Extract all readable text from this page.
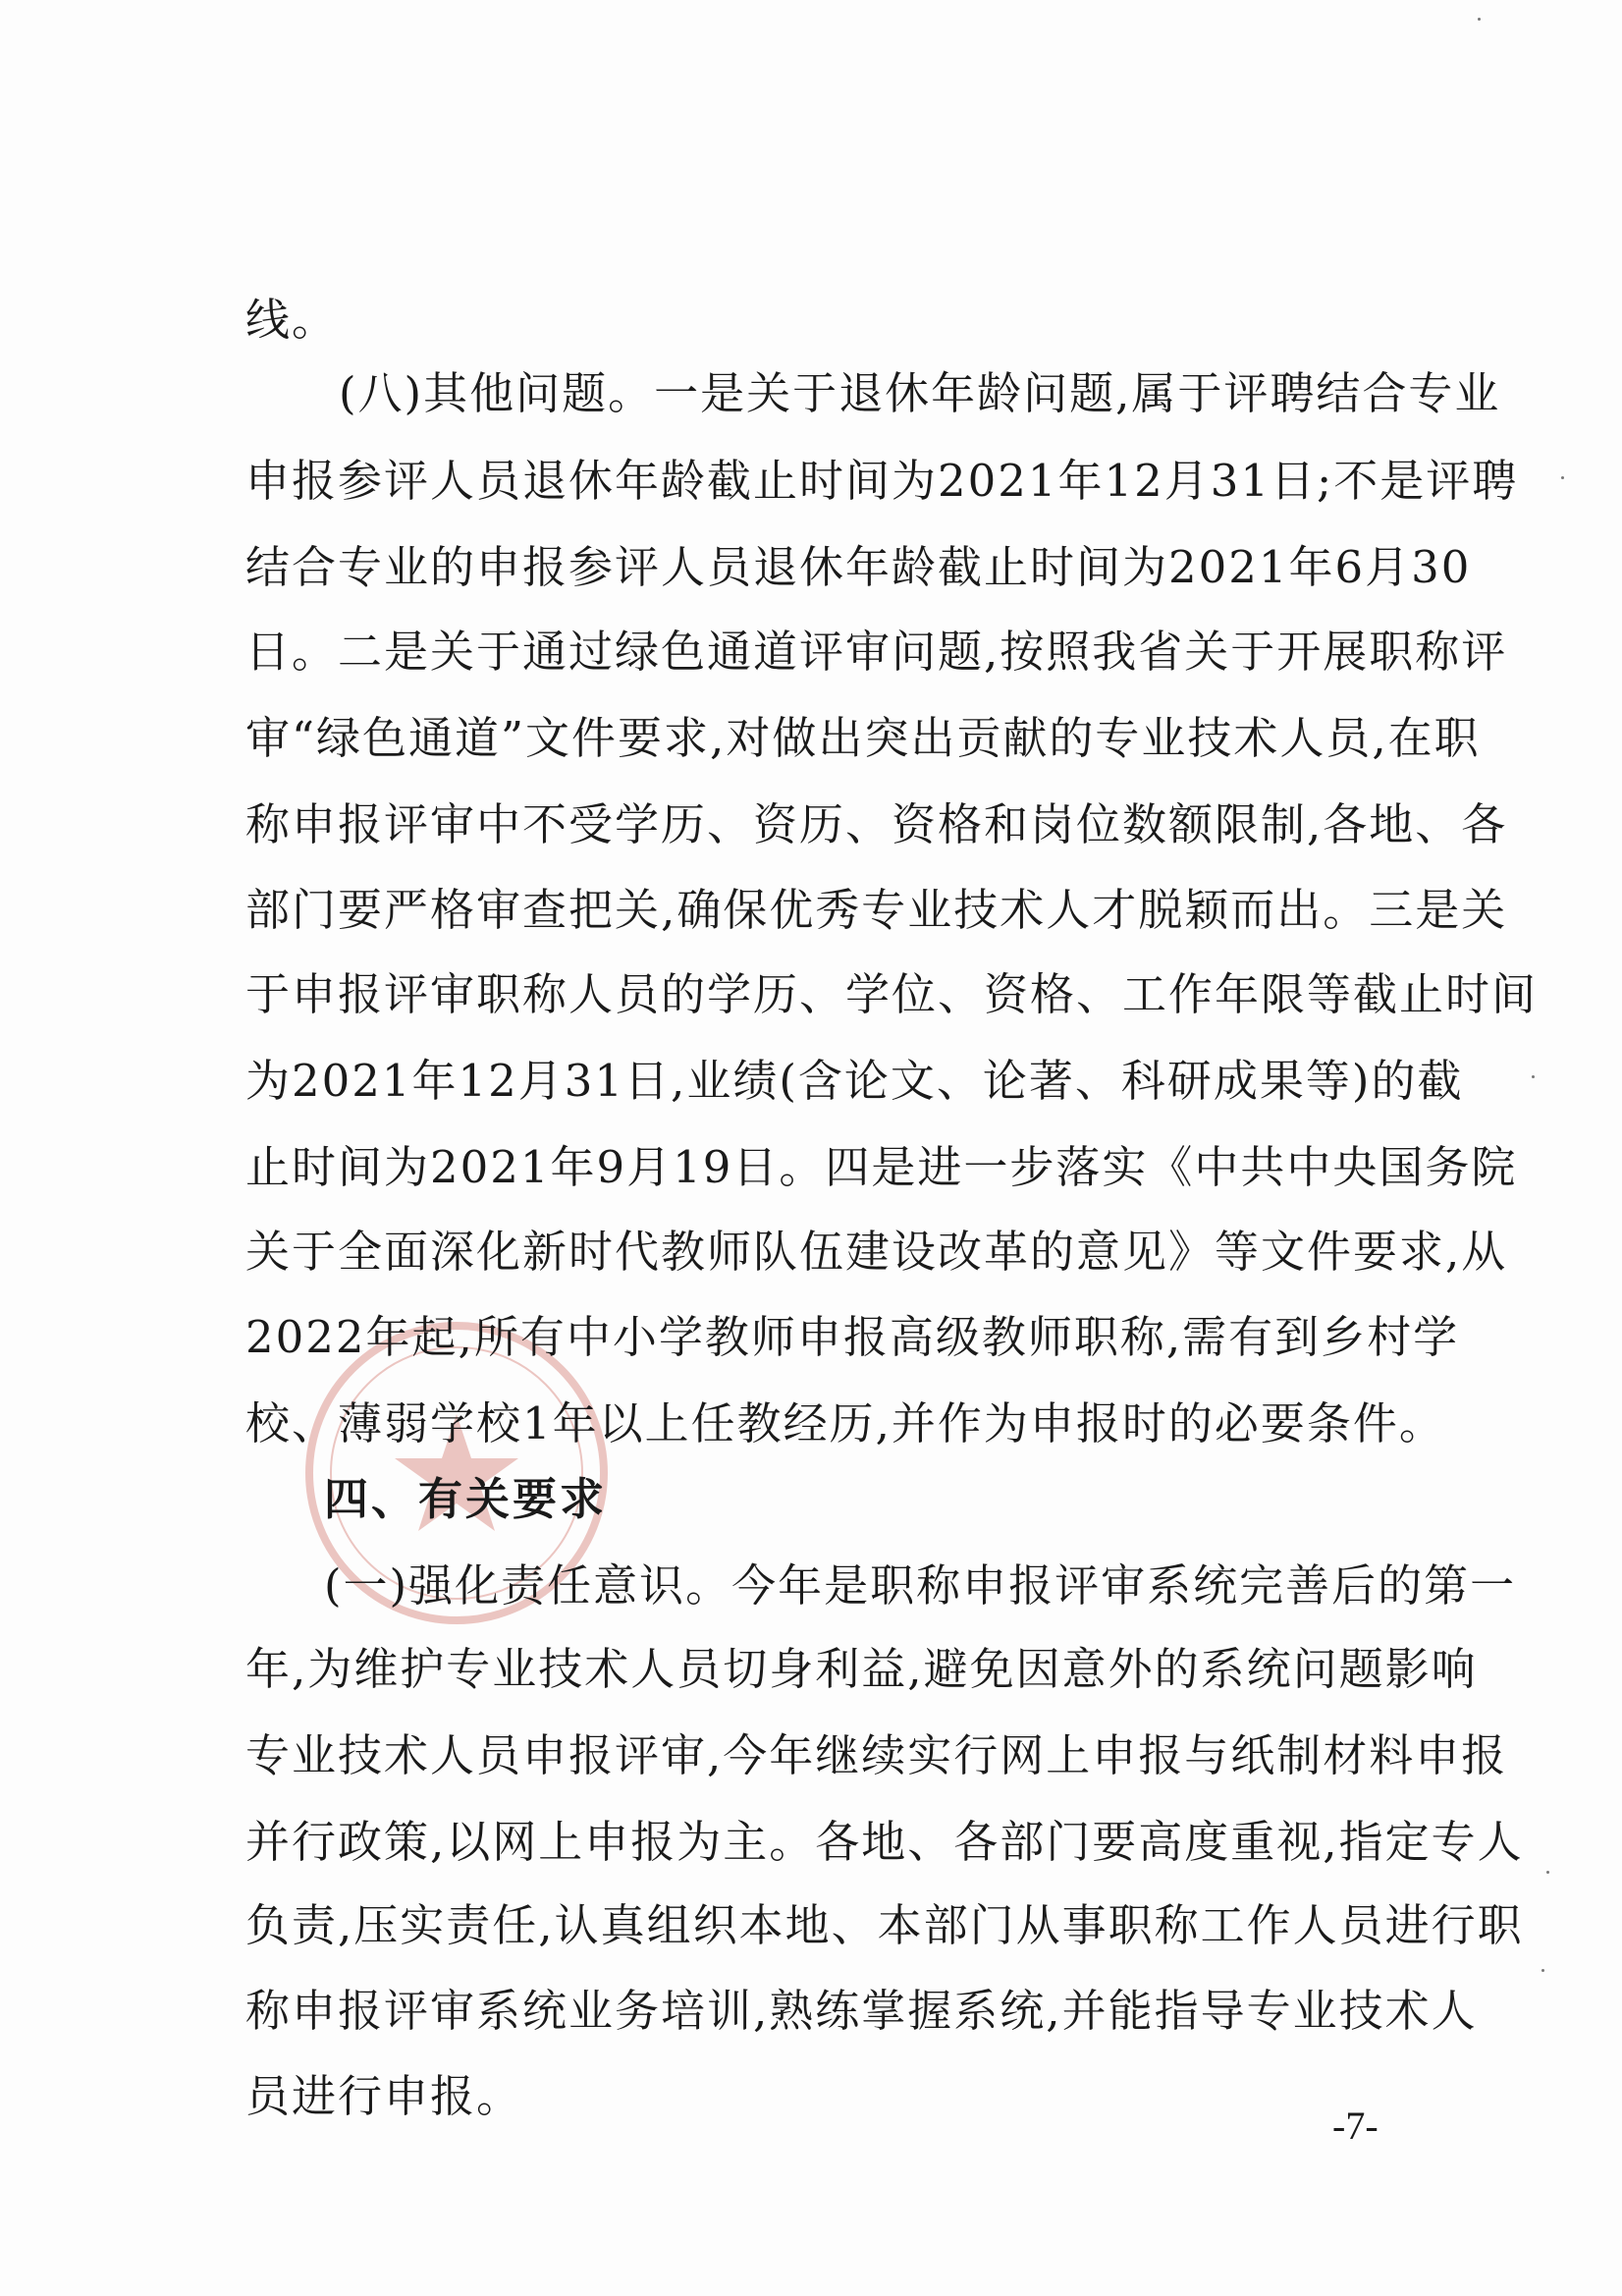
线。
(八)其他问题。一是关于退休年龄问题,属于评聘结合专业
申报参评人员退休年龄截止时间为2021年12月31日;不是评聘
结合专业的申报参评人员退休年龄截止时间为2021年6月30
日。二是关于通过绿色通道评审问题,按照我省关于开展职称评
审“绿色通道”文件要求,对做出突出贡献的专业技术人员,在职
称申报评审中不受学历、资历、资格和岗位数额限制,各地、各
部门要严格审查把关,确保优秀专业技术人才脱颖而出。三是关
于申报评审职称人员的学历、学位、资格、工作年限等截止时间
为2021年12月31日,业绩(含论文、论著、科研成果等)的截
止时间为2021年9月19日。四是进一步落实《中共中央国务院
关于全面深化新时代教师队伍建设改革的意见》等文件要求,从
2022年起,所有中小学教师申报高级教师职称,需有到乡村学
校、薄弱学校1年以上任教经历,并作为申报时的必要条件。
四、有关要求
(一)强化责任意识。今年是职称申报评审系统完善后的第一
年,为维护专业技术人员切身利益,避免因意外的系统问题影响
专业技术人员申报评审,今年继续实行网上申报与纸制材料申报
并行政策,以网上申报为主。各地、各部门要高度重视,指定专人
负责,压实责任,认真组织本地、本部门从事职称工作人员进行职
称申报评审系统业务培训,熟练掌握系统,并能指导专业技术人
员进行申报。
-7-
